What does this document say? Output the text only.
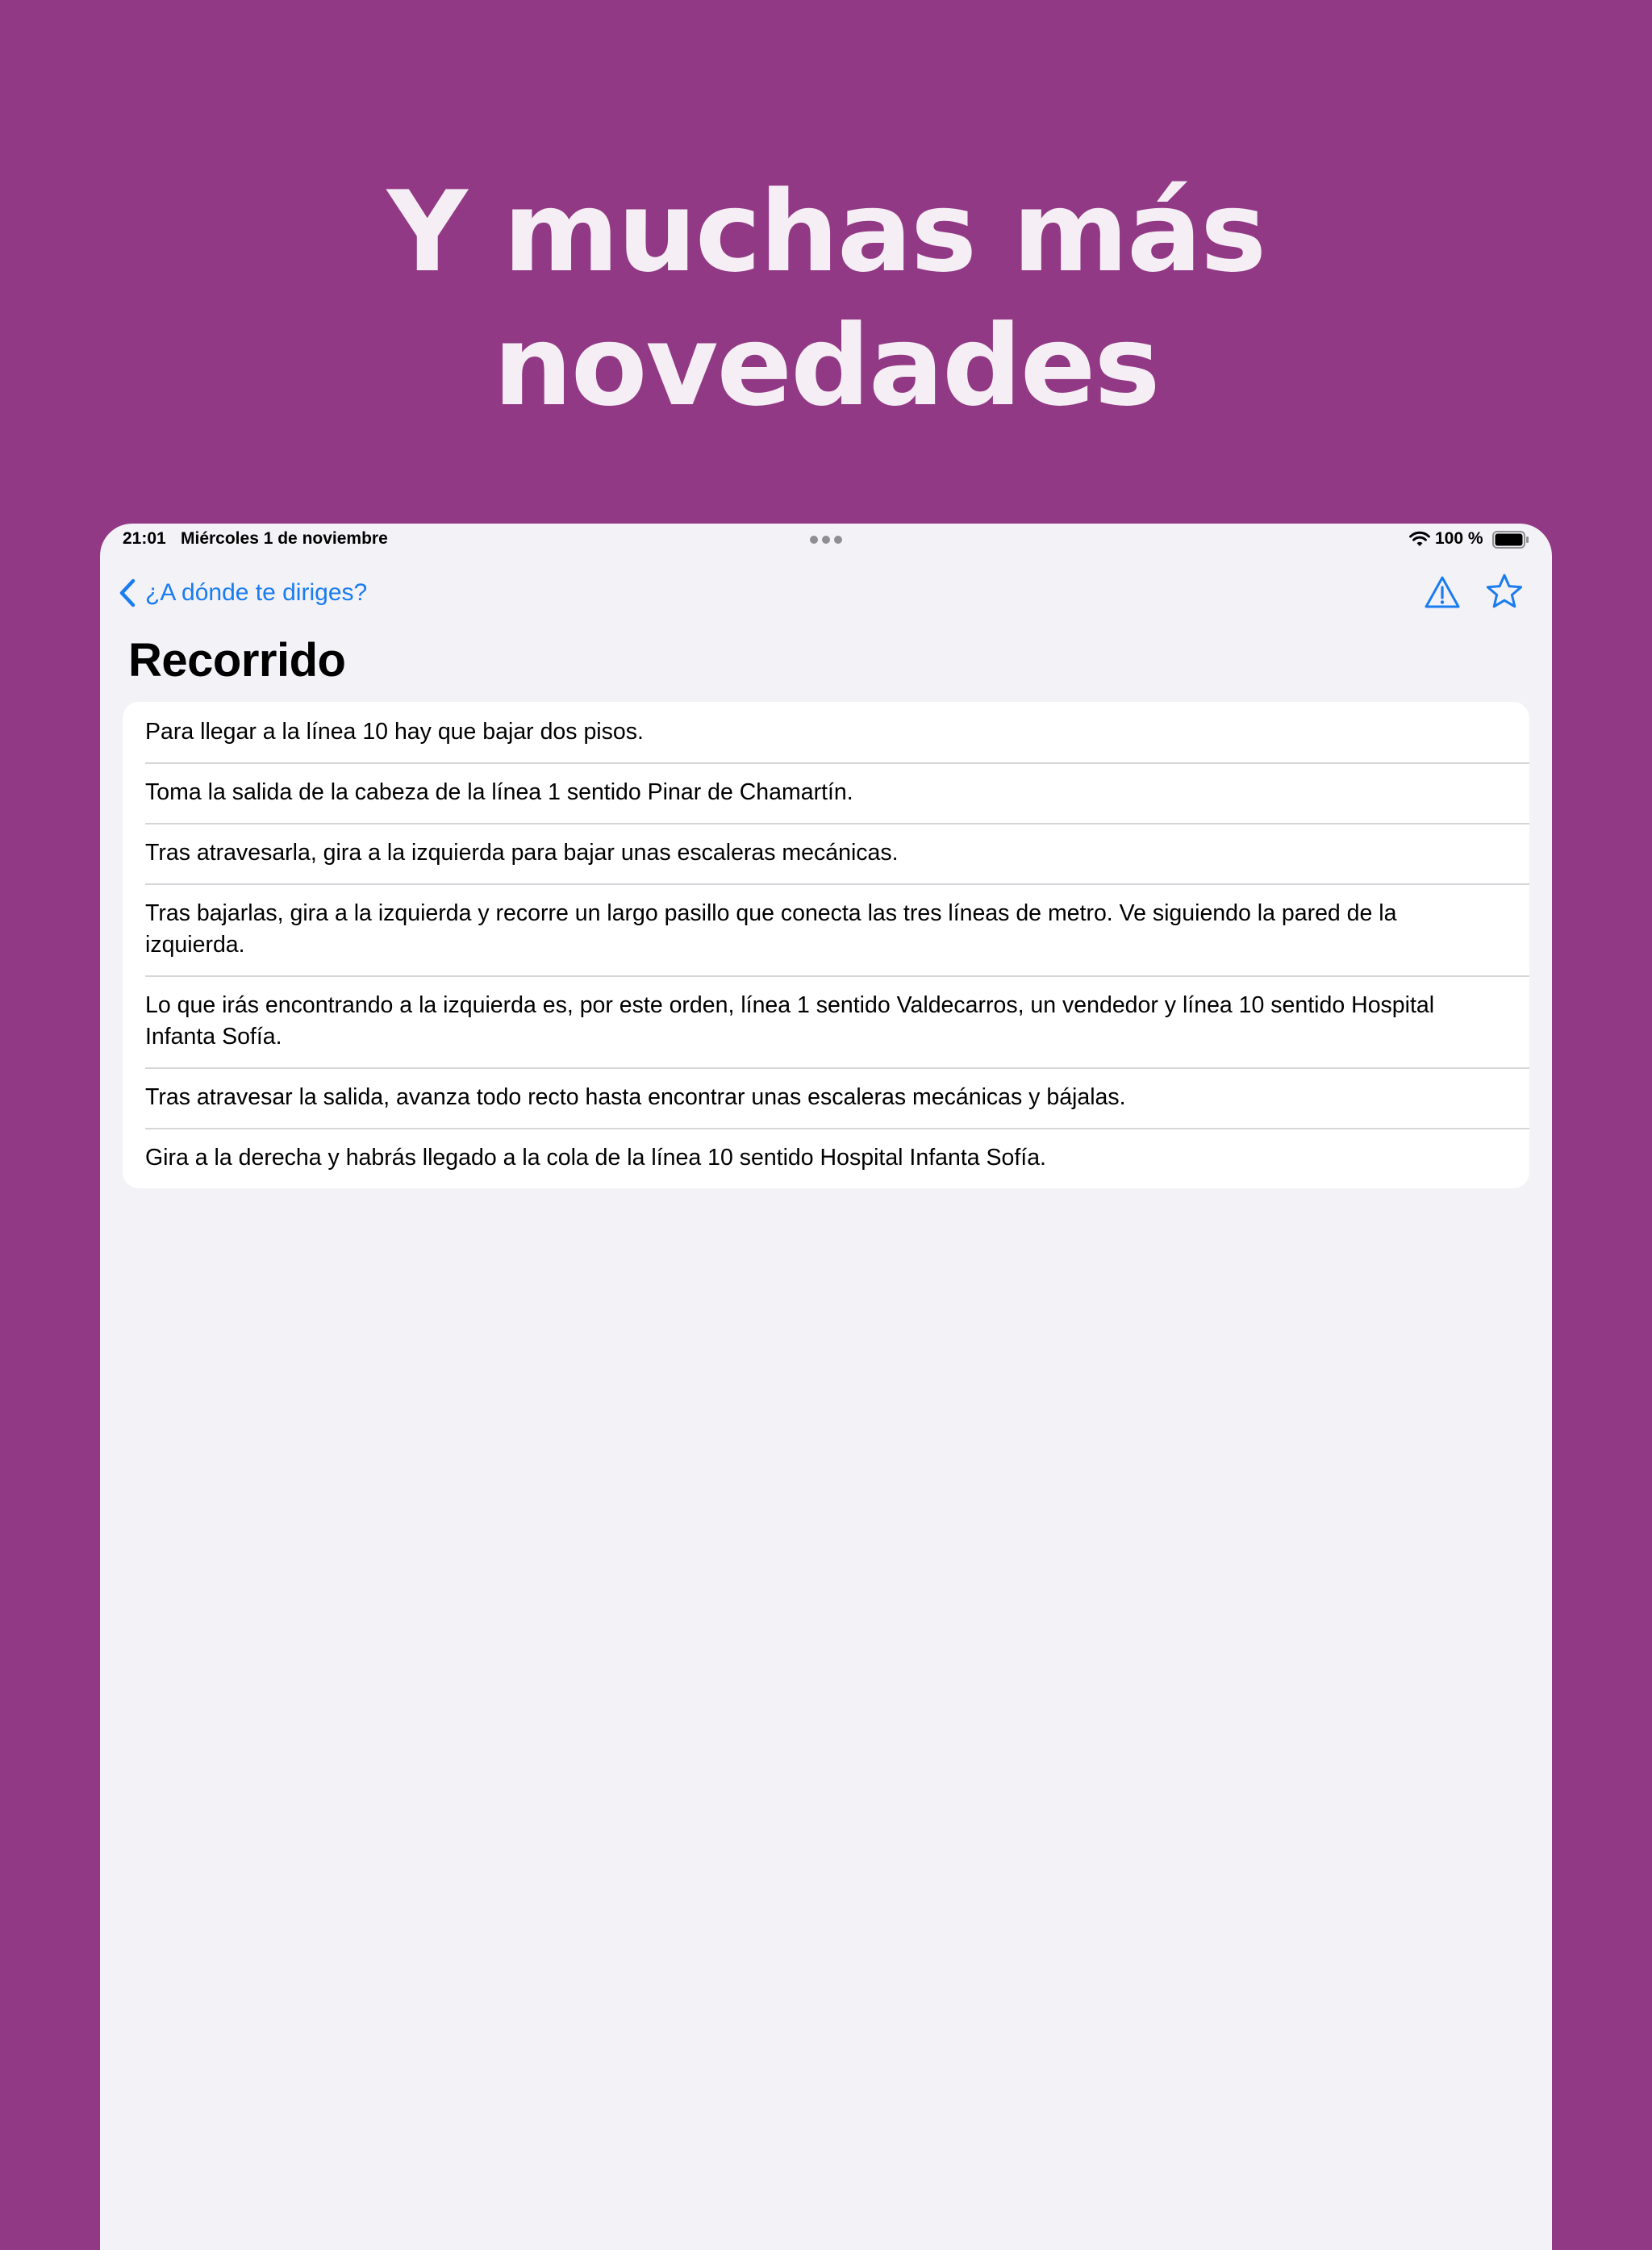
Y muchas más
novedades
21:01 Miércoles 1 de noviembre	100 %
¿A dónde te diriges?
Recorrido
Para llegar a la línea 10 hay que bajar dos pisos.
Toma la salida de la cabeza de la línea 1 sentido Pinar de Chamartín.
Tras atravesarla, gira a la izquierda para bajar unas escaleras mecánicas.
Tras bajarlas, gira a la izquierda y recorre un largo pasillo que conecta las tres líneas de metro. Ve siguiendo la pared de la izquierda.
Lo que irás encontrando a la izquierda es, por este orden, línea 1 sentido Valdecarros, un vendedor y línea 10 sentido Hospital Infanta Sofía.
Tras atravesar la salida, avanza todo recto hasta encontrar unas escaleras mecánicas y bájalas.
Gira a la derecha y habrás llegado a la cola de la línea 10 sentido Hospital Infanta Sofía.
